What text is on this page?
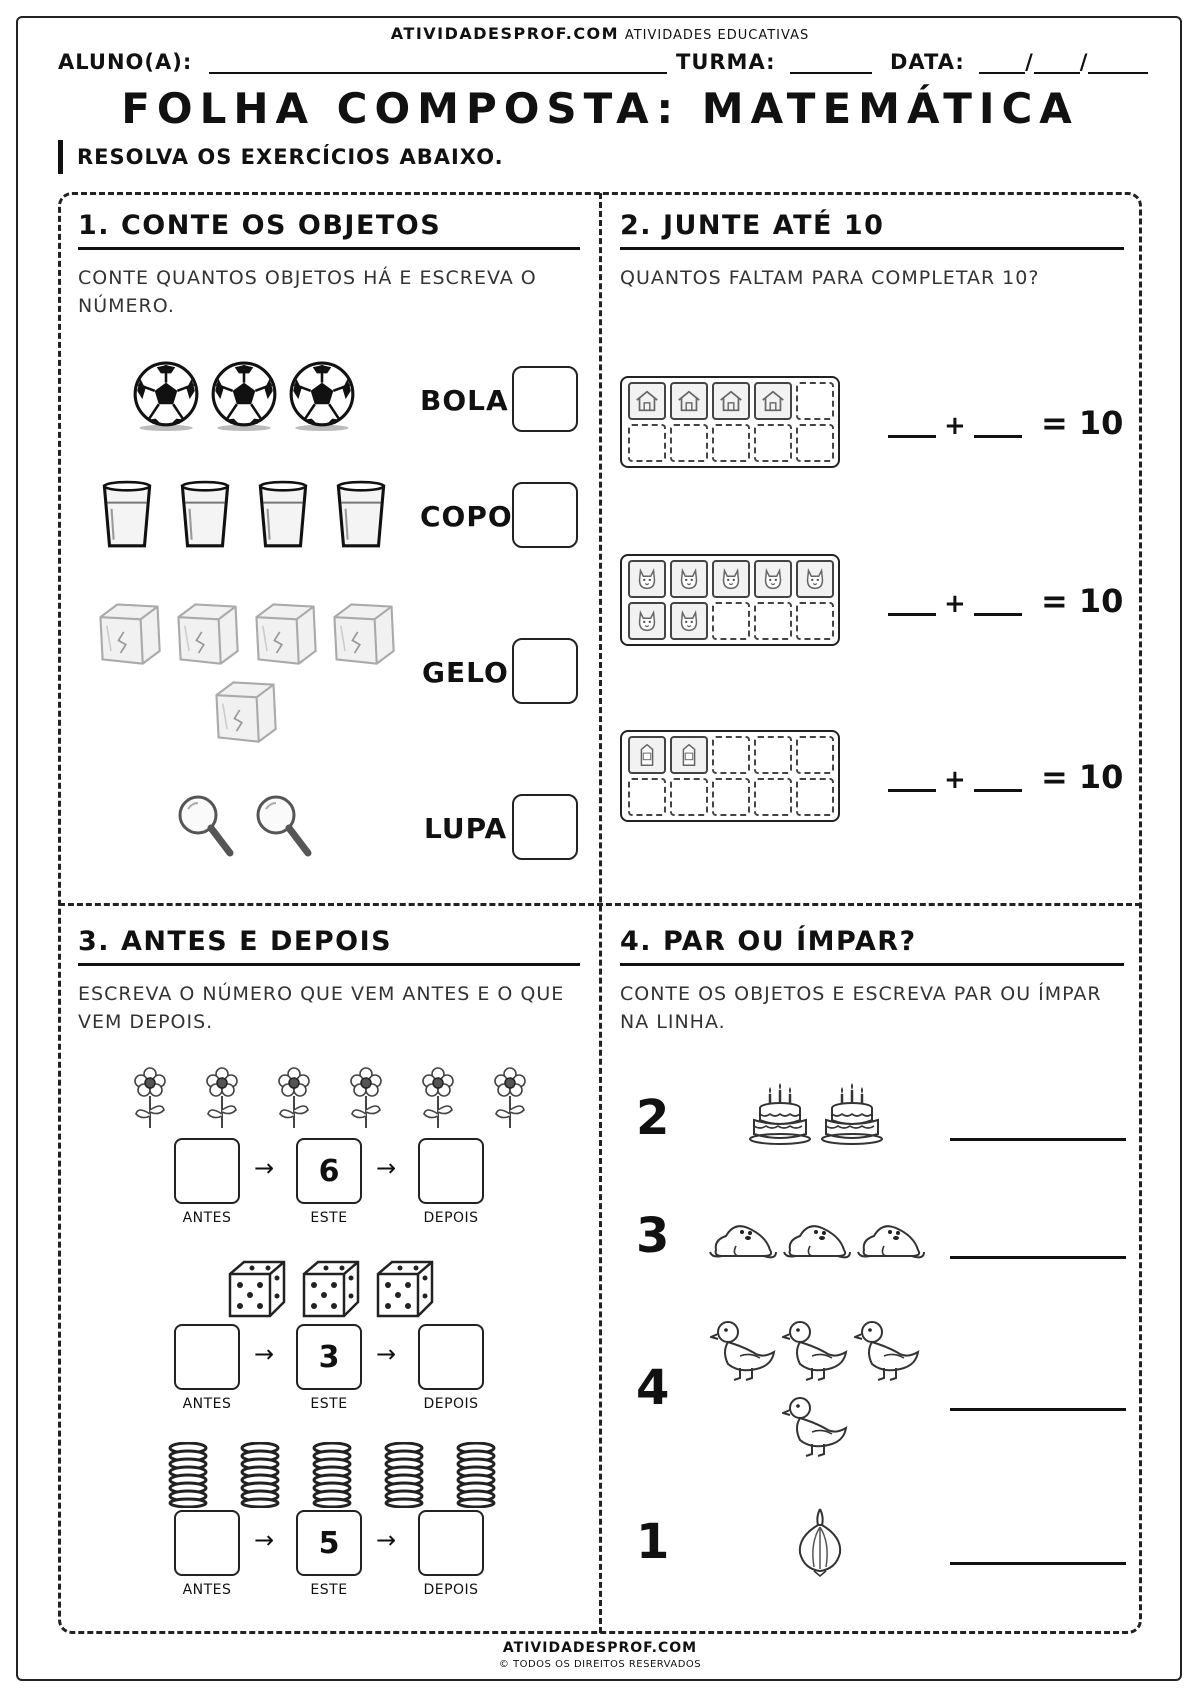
ATIVIDADESPROF.COM ATIVIDADES EDUCATIVAS
ALUNO(A):	TURMA:	DATA:	/ /
FOLHA COMPOSTA: MATEMÁTICA
RESOLVA OS EXERCÍCIOS ABAIXO.
1. CONTE OS OBJETOS
CONTE QUANTOS OBJETOS HÁ E ESCREVA O NÚMERO.
BOLA
COPO
GELO
LUPA
2. JUNTE ATÉ 10
QUANTOS FALTAM PARA COMPLETAR 10?
+ = 10
+ = 10
+ = 10
3. ANTES E DEPOIS
ESCREVA O NÚMERO QUE VEM ANTES E O QUE VEM DEPOIS.
→	6	→
ANTES	ESTE	DEPOIS
→	3	→
ANTES	ESTE	DEPOIS
→	5	→
ANTES	ESTE	DEPOIS
4. PAR OU ÍMPAR?
CONTE OS OBJETOS E ESCREVA PAR OU ÍMPAR NA LINHA.
2
3
4
1
ATIVIDADESPROF.COM
© TODOS OS DIREITOS RESERVADOS
